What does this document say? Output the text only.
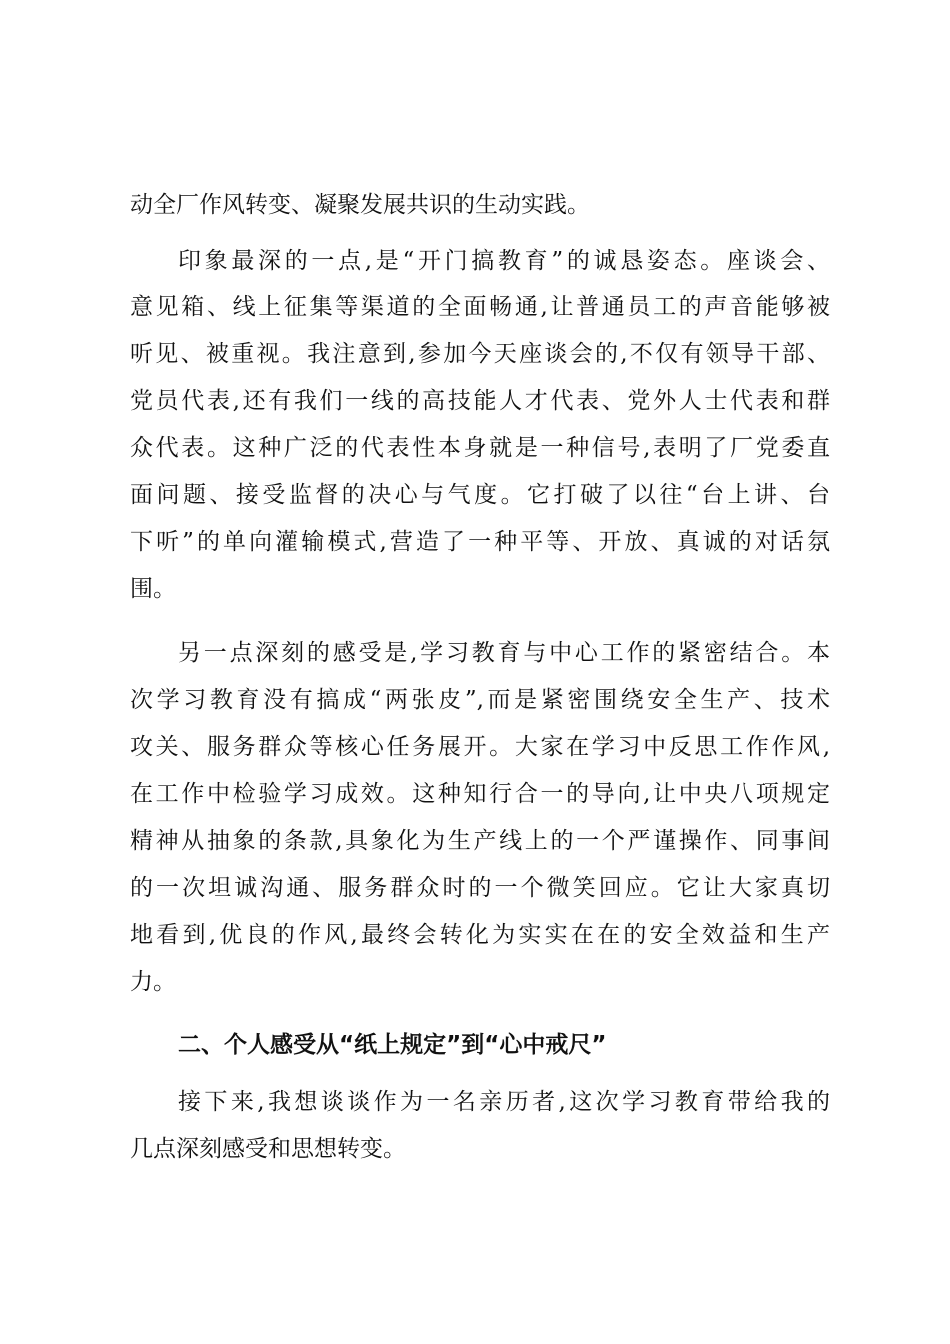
动全厂作风转变、凝聚发展共识的生动实践。

印象最深的一点,是“开门搞教育”的诚恳姿态。座谈会、

意见箱、线上征集等渠道的全面畅通,让普通员工的声音能够被

听见、被重视。我注意到,参加今天座谈会的,不仅有领导干部、

党员代表,还有我们一线的高技能人才代表、党外人士代表和群

众代表。这种广泛的代表性本身就是一种信号,表明了厂党委直

面问题、接受监督的决心与气度。它打破了以往“台上讲、台

下听”的单向灌输模式,营造了一种平等、开放、真诚的对话氛

围。

另一点深刻的感受是,学习教育与中心工作的紧密结合。本

次学习教育没有搞成“两张皮”,而是紧密围绕安全生产、技术

攻关、服务群众等核心任务展开。大家在学习中反思工作作风,

在工作中检验学习成效。这种知行合一的导向,让中央八项规定

精神从抽象的条款,具象化为生产线上的一个严谨操作、同事间

的一次坦诚沟通、服务群众时的一个微笑回应。它让大家真切

地看到,优良的作风,最终会转化为实实在在的安全效益和生产

力。

二、个人感受从“纸上规定”到“心中戒尺”

接下来,我想谈谈作为一名亲历者,这次学习教育带给我的

几点深刻感受和思想转变。
